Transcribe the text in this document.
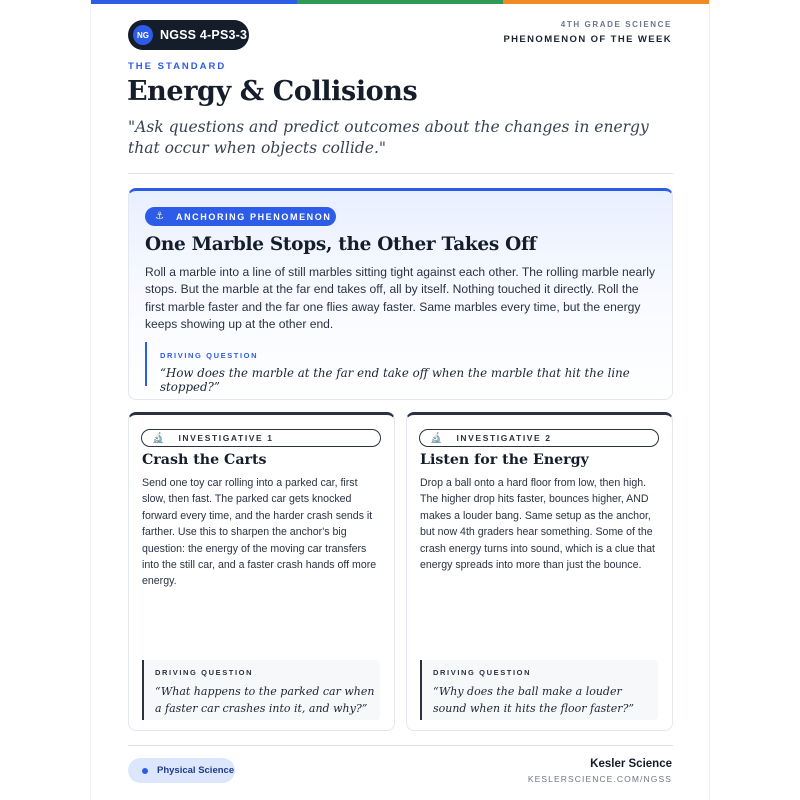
NG NGSS 4-PS3-3
4TH GRADE SCIENCE
PHENOMENON OF THE WEEK
THE STANDARD
Energy & Collisions
"Ask questions and predict outcomes about the changes in energy that occur when objects collide."
⚓ ANCHORING PHENOMENON
One Marble Stops, the Other Takes Off
Roll a marble into a line of still marbles sitting tight against each other. The rolling marble nearly stops. But the marble at the far end takes off, all by itself. Nothing touched it directly. Roll the first marble faster and the far one flies away faster. Same marbles every time, but the energy keeps showing up at the other end.
DRIVING QUESTION
“How does the marble at the far end take off when the marble that hit the line stopped?”
🔬 INVESTIGATIVE 1
Crash the Carts
Send one toy car rolling into a parked car, first slow, then fast. The parked car gets knocked forward every time, and the harder crash sends it farther. Use this to sharpen the anchor's big question: the energy of the moving car transfers into the still car, and a faster crash hands off more energy.
DRIVING QUESTION
“What happens to the parked car when a faster car crashes into it, and why?”
🔬 INVESTIGATIVE 2
Listen for the Energy
Drop a ball onto a hard floor from low, then high. The higher drop hits faster, bounces higher, AND makes a louder bang. Same setup as the anchor, but now 4th graders hear something. Some of the crash energy turns into sound, which is a clue that energy spreads into more than just the bounce.
DRIVING QUESTION
“Why does the ball make a louder sound when it hits the floor faster?”
Physical Science
Kesler Science
KESLERSCIENCE.COM/NGSS
